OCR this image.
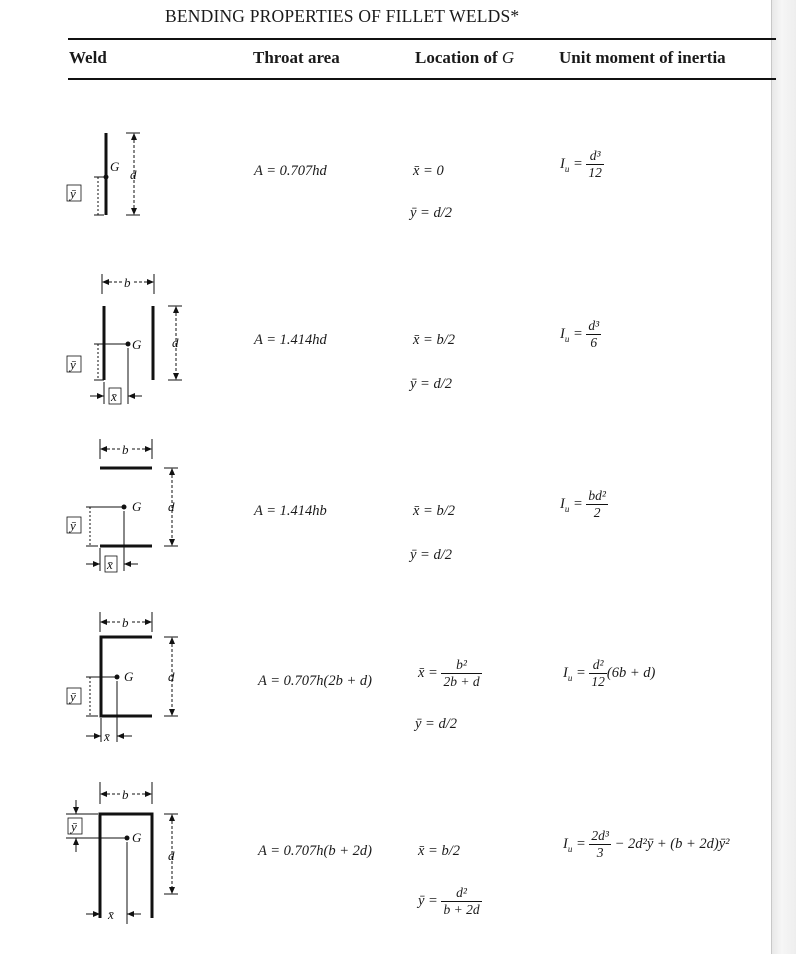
BENDING PROPERTIES OF FILLET WELDS*
Weld	Throat area	Location of G	Unit moment of inertia
G
d
ȳ
A = 0.707hd	x̄ = 0
ȳ = d/2
$I_u = \frac{\text{d³}}{12}$
b
G
ȳ
d
x̄
A = 1.414hd	x̄ = b/2
ȳ = d/2
$I_u = \frac{\text{d³}}{6}$
b
G
ȳ
d
x̄
A = 1.414hb	x̄ = b/2
ȳ = d/2
$I_u = \frac{\text{bd²}}{2}$
b
G
ȳ
d
x̄
A = 0.707h(2b + d)	x̄ = $\frac{\text{b²}}{2b + d}$
ȳ = d/2
$I_u = \frac{\text{d²}}{12} (6b + d)$
b
G
ȳ
d
x̄
A = 0.707h(b + 2d)	x̄ = b/2
ȳ = $\frac{\text{d²}}{b + 2d}$
$I_u = \frac{\text{2d³}}{3}$ − 2d²ȳ + (b + 2d)ȳ²
